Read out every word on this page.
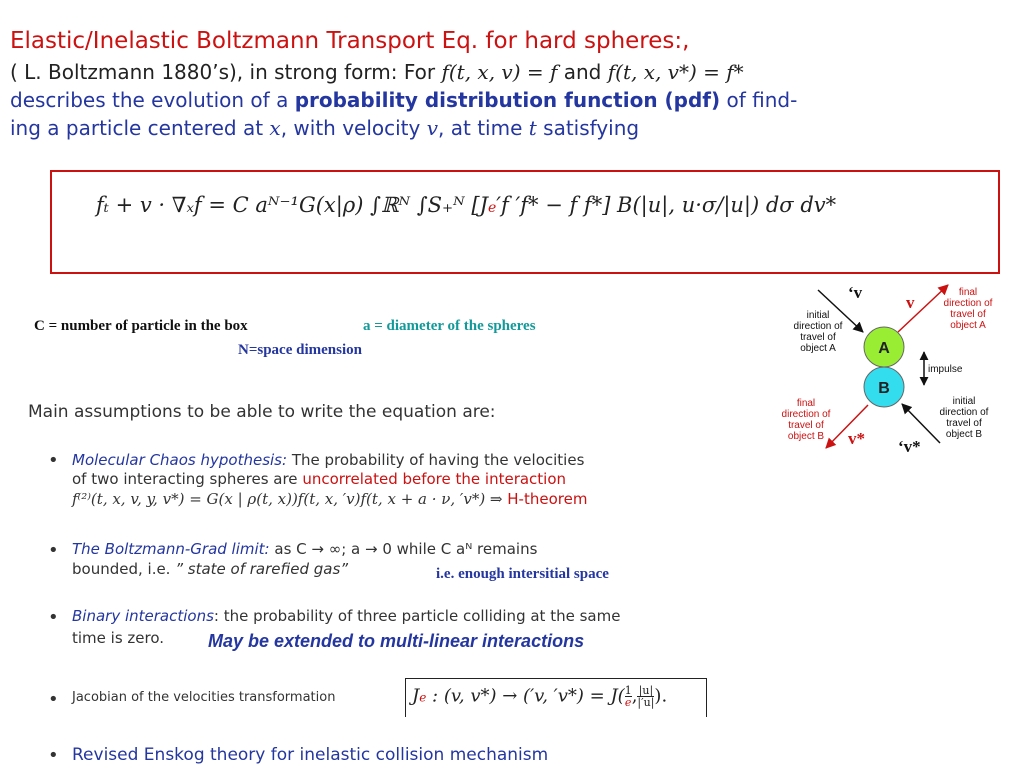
Elastic/Inelastic Boltzmann Transport Eq. for hard spheres:,
( L. Boltzmann 1880’s), in strong form: For f(t, x, v) = f and f(t, x, v*) = f*
describes the evolution of a probability distribution function (pdf) of find-
ing a particle centered at x, with velocity v, at time t satisfying
fₜ + v · ∇ₓf = C aᴺ⁻¹G(x|ρ) ∫ℝᴺ ∫S₊ᴺ [Je′f ′f* − f f*] B(|u|, u·σ/|u|) dσ dv*
C = number of particle in the box	a = diameter of the spheres
N=space dimension	A
B
‘v
v
v* ‘v*
initial
direction of
travel of
object A
final
direction of
travel of
object A
impulse
final
direction of
travel of
object B
initial
direction of
travel of
object B
Main assumptions to be able to write the equation are:
• Molecular Chaos hypothesis: The probability of having the velocities
of two interacting spheres are uncorrelated before the interaction
f⁽²⁾(t, x, v, y, v*) = G(x | ρ(t, x))f(t, x, ′v)f(t, x + a · ν, ′v*) ⇒ H-theorem
• The Boltzmann-Grad limit: as C → ∞; a → 0 while C aᴺ remains
bounded, i.e. ” state of rarefied gas”	i.e. enough intersitial space
• Binary interactions: the probability of three particle colliding at the same
time is zero. May be extended to multi-linear interactions
• Jacobian of the velocities transformation	Je : (v, v*) → (′v, $'v*) = J( \frac{1}{e}$ , $\frac{|u|}{|'u|}$ ).
• Revised Enskog theory for inelastic collision mechanism
